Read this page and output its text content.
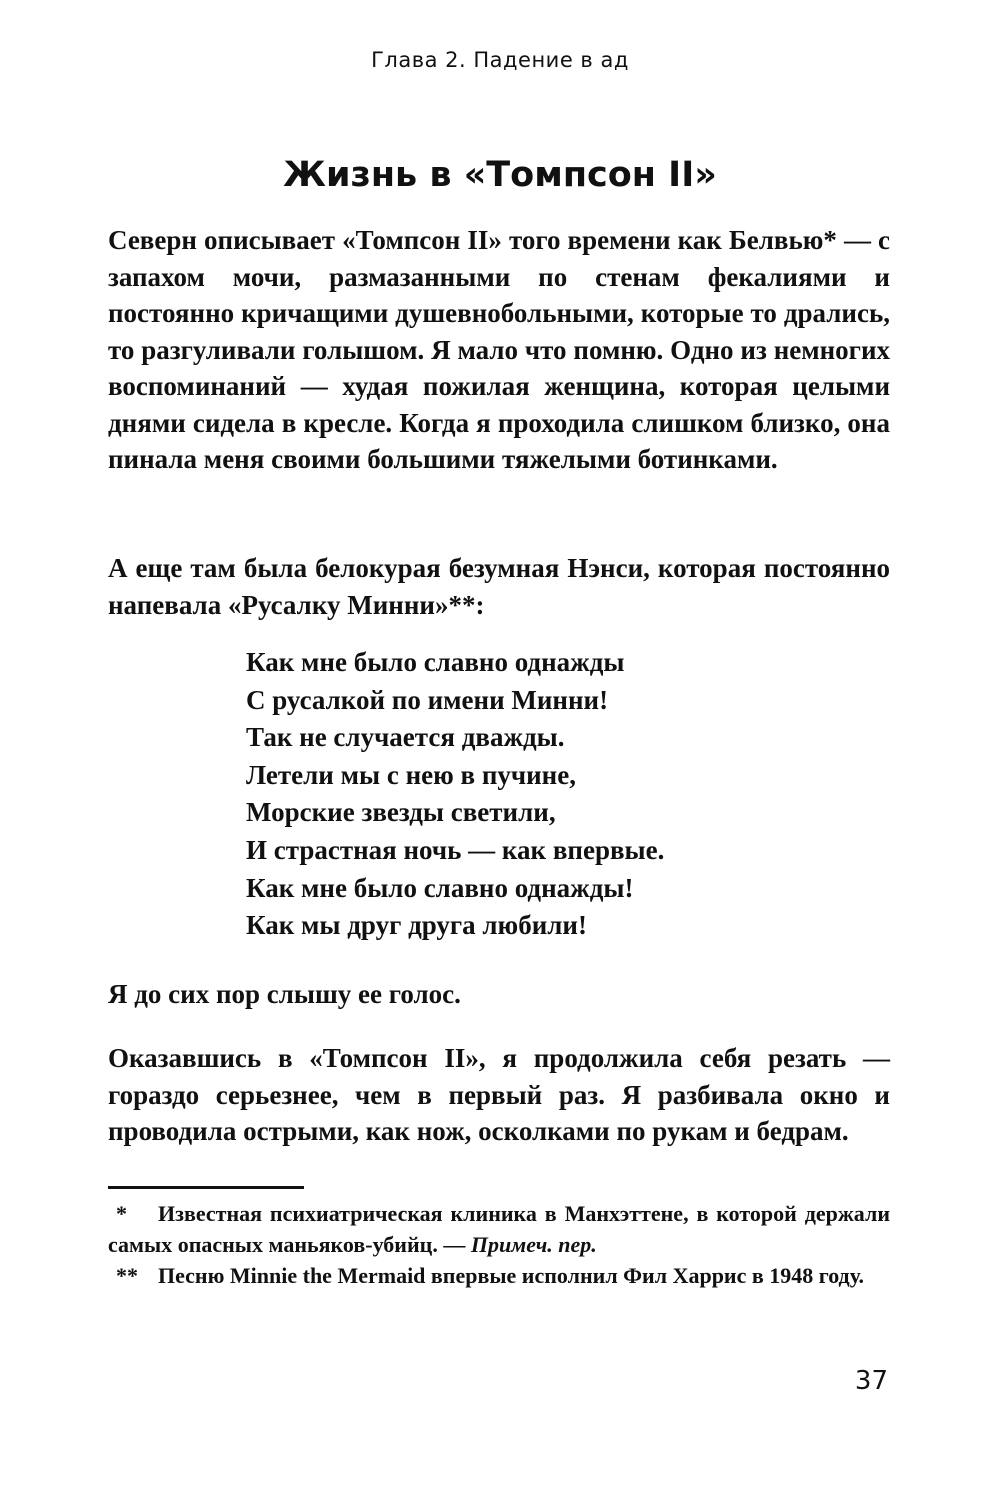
Глава 2. Падение в ад
Жизнь в «Томпсон II»

Северн описывает «Томпсон II» того времени как Белвью* — с запахом мочи, размазанными по стенам фекалиями и постоянно кричащими душевнобольными, которые то дрались, то разгуливали голышом. Я мало что помню. Одно из немногих воспоминаний — худая пожилая женщина, которая целыми днями сидела в кресле. Когда я проходила слишком близко, она пинала меня своими большими тяжелыми ботинками.

А еще там была белокурая безумная Нэнси, которая постоянно напевала «Русалку Минни»**:

Как мне было славно однажды
С русалкой по имени Минни!
Так не случается дважды.
Летели мы с нею в пучине,
Морские звезды светили,
И страстная ночь — как впервые.
Как мне было славно однажды!
Как мы друг друга любили!

Я до сих пор слышу ее голос.

Оказавшись в «Томпсон II», я продолжила себя резать — гораздо серьезнее, чем в первый раз. Я разбивала окно и проводила острыми, как нож, осколками по рукам и бедрам.

* Известная психиатрическая клиника в Манхэттене, в которой держали самых опасных маньяков-убийц. — Примеч. пер.

** Песню Minnie the Mermaid впервые исполнил Фил Харрис в 1948 году.

37
